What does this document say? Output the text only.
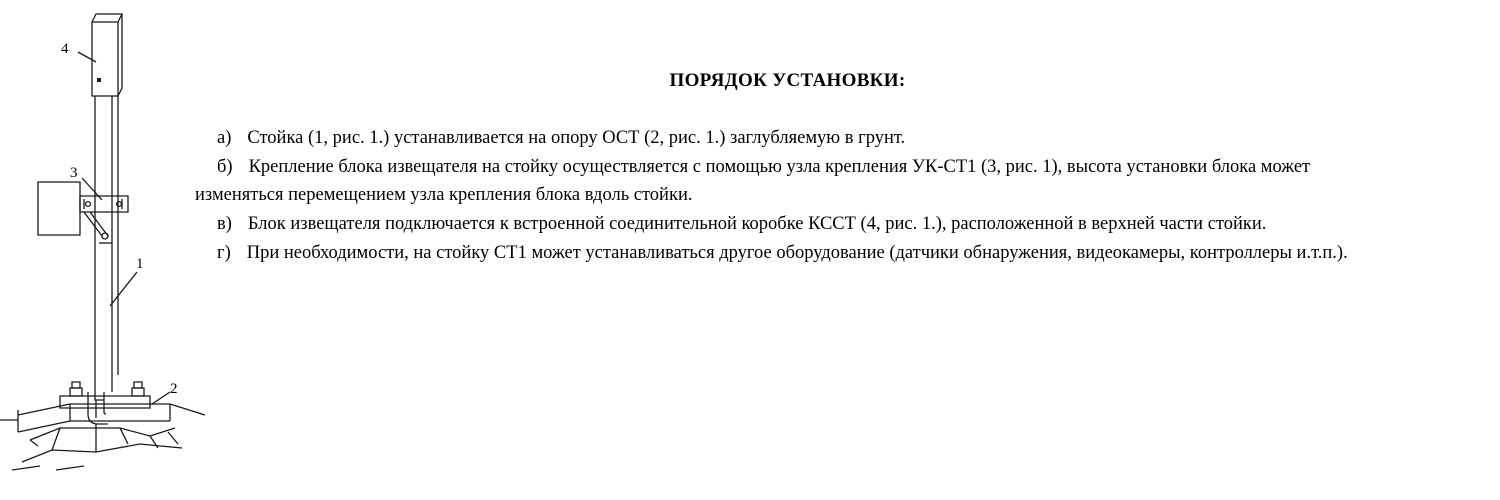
4
3
1
2
ПОРЯДОК УСТАНОВКИ:

а) Стойка (1, рис. 1.) устанавливается на опору ОСТ (2, рис. 1.) заглубляемую в грунт.

б) Крепление блока извещателя на стойку осуществляется с помощью узла крепления УК-СТ1 (3, рис. 1), высота установки блока может изменяться перемещением узла крепления блока вдоль стойки.

в) Блок извещателя подключается к встроенной соединительной коробке КССТ (4, рис. 1.), расположенной в верхней части стойки.

г) При необходимости, на стойку СТ1 может устанавливаться другое оборудование (датчики обнаружения, видеокамеры, контроллеры и.т.п.).
